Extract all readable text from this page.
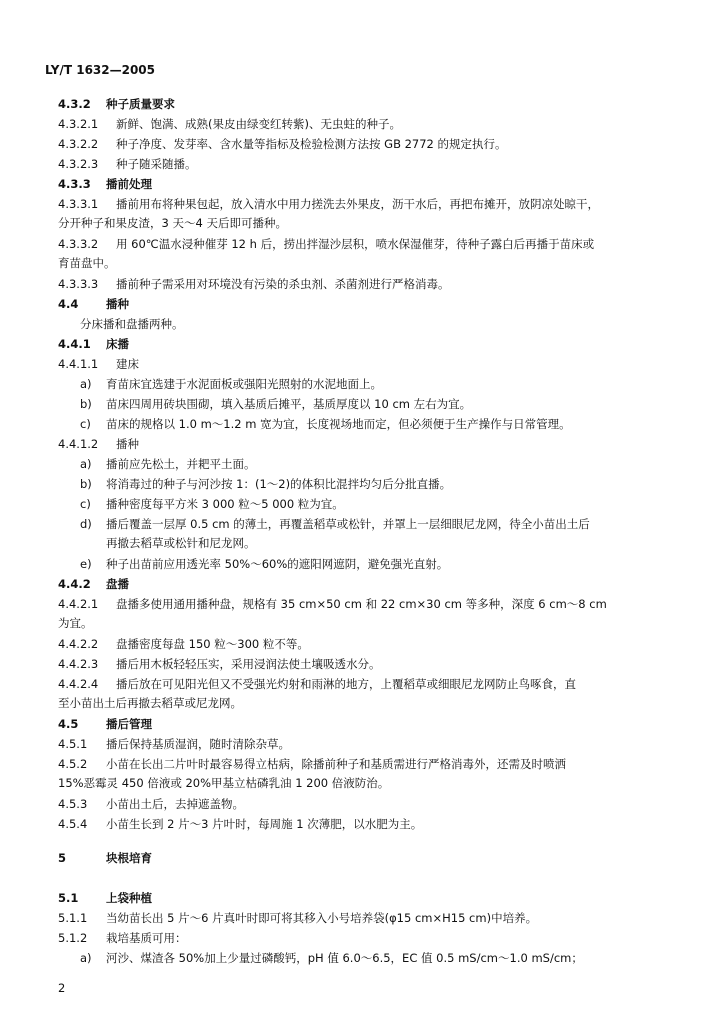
LY/T 1632—2005
4.3.2 种子质量要求
4.3.2.1 新鲜、饱满、成熟(果皮由绿变红转紫)、无虫蛀的种子。
4.3.2.2 种子净度、发芽率、含水量等指标及检验检测方法按 GB 2772 的规定执行。
4.3.2.3 种子随采随播。
4.3.3 播前处理
4.3.3.1 播前用布将种果包起，放入清水中用力搓洗去外果皮，沥干水后，再把布摊开，放阴凉处晾干，
分开种子和果皮渣，3 天～4 天后即可播种。
4.3.3.2 用 60℃温水浸种催芽 12 h 后，捞出拌湿沙层积，喷水保湿催芽，待种子露白后再播于苗床或
育苗盘中。
4.3.3.3 播前种子需采用对环境没有污染的杀虫剂、杀菌剂进行严格消毒。
4.4 播种
分床播和盘播两种。
4.4.1 床播
4.4.1.1 建床
a) 育苗床宜选建于水泥面板或强阳光照射的水泥地面上。
b) 苗床四周用砖块围砌，填入基质后摊平，基质厚度以 10 cm 左右为宜。
c) 苗床的规格以 1.0 m～1.2 m 宽为宜，长度视场地而定，但必须便于生产操作与日常管理。
4.4.1.2 播种
a) 播前应先松土，并耙平土面。
b) 将消毒过的种子与河沙按 1：(1～2)的体积比混拌均匀后分批直播。
c) 播种密度每平方米 3 000 粒～5 000 粒为宜。
d) 播后覆盖一层厚 0.5 cm 的薄土，再覆盖稻草或松针，并罩上一层细眼尼龙网，待全小苗出土后
再撤去稻草或松针和尼龙网。
e) 种子出苗前应用透光率 50%～60%的遮阳网遮阴，避免强光直射。
4.4.2 盘播
4.4.2.1 盘播多使用通用播种盘，规格有 35 cm×50 cm 和 22 cm×30 cm 等多种，深度 6 cm～8 cm
为宜。
4.4.2.2 盘播密度每盘 150 粒～300 粒不等。
4.4.2.3 播后用木板轻轻压实，采用浸润法使土壤吸透水分。
4.4.2.4 播后放在可见阳光但又不受强光灼射和雨淋的地方，上覆稻草或细眼尼龙网防止鸟啄食，直
至小苗出土后再撤去稻草或尼龙网。
4.5 播后管理
4.5.1 播后保持基质湿润，随时清除杂草。
4.5.2 小苗在长出二片叶时最容易得立枯病，除播前种子和基质需进行严格消毒外，还需及时喷洒
15%恶霉灵 450 倍液或 20%甲基立枯磷乳油 1 200 倍液防治。
4.5.3 小苗出土后，去掉遮盖物。
4.5.4 小苗生长到 2 片～3 片叶时，每周施 1 次薄肥，以水肥为主。
5	块根培育
5.1 上袋种植
5.1.1 当幼苗长出 5 片～6 片真叶时即可将其移入小号培养袋(φ15 cm×H15 cm)中培养。
5.1.2 栽培基质可用：
a) 河沙、煤渣各 50%加上少量过磷酸钙，pH 值 6.0～6.5，EC 值 0.5 mS/cm～1.0 mS/cm；
2
